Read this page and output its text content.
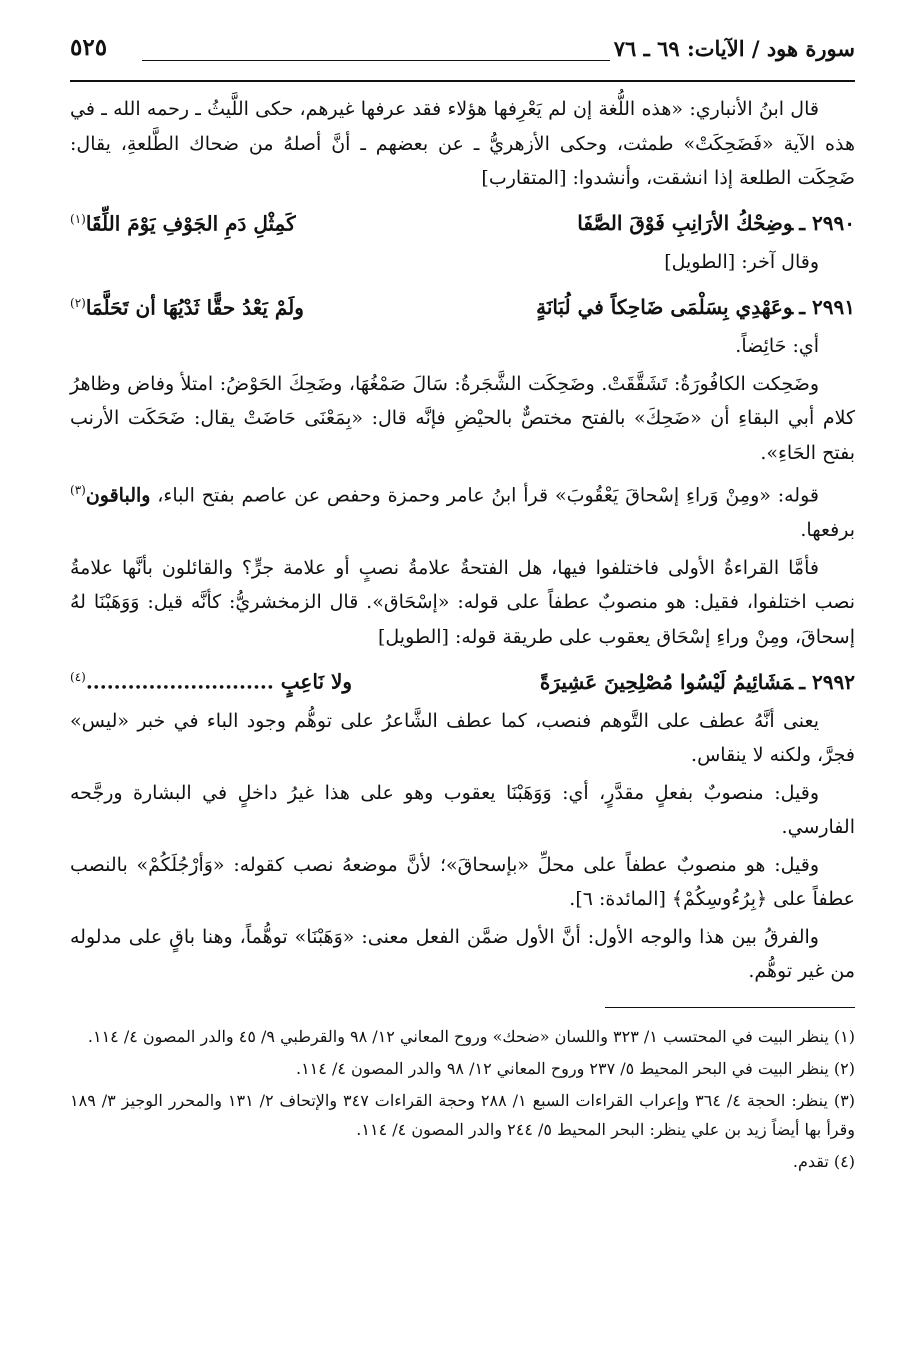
سورة هود / الآيات: ٦٩ ـ ٧٦
٥٢٥

قال ابنُ الأنباري: «هذه اللُّغة إن لم يَعْرِفها هؤلاء فقد عرفها غيرهم، حكى اللَّيثُ ـ رحمه الله ـ في هذه الآية «فَضَحِكَتْ» طمثت، وحكى الأزهريُّ ـ عن بعضهم ـ أنَّ أصلهُ من ضحاك الطَّلعةِ، يقال: ضَحِكَت الطلعة إذا انشقت، وأنشدوا: [المتقارب]

٢٩٩٠ ـوضِحْكُ الأرَانِبِ فَوْقَ الصَّفَا
كَمِثْلِ دَمِ الجَوْفِ يَوْمَ اللِّقَا$^{(١)}$

وقال آخر: [الطويل]

٢٩٩١ ـوعَهْدِي بِسَلْمَى ضَاحِكاً في لُبَانَةٍ
ولَمْ يَعْدُ حقًّا ثَدْيُهَا أن تَحَلَّمَا$^{(٢)}$

أي: حَائِضاً.

وضَحِكت الكافُورَةُ: تَشَقَّقَتْ. وضَحِكَت الشَّجَرةُ: سَالَ صَمْغُهَا، وضَحِكَ الحَوْضُ: امتلأ وفاض وظاهرُ كلام أبي البقاءِ أن «ضَحِكَ» بالفتح مختصٌّ بالحيْضِ فإنَّه قال: «بِمَعْنَى حَاضَتْ يقال: ضَحَكَت الأرنب بفتح الحَاءِ».

قوله: «ومِنْ وَراءِ إسْحاقَ يَعْقُوبَ» قرأ ابنُ عامر وحمزة وحفص عن عاصم بفتح الباء، والباقون$^{(٣)}$ برفعها.

فأمَّا القراءةُ الأولى فاختلفوا فيها، هل الفتحةُ علامةُ نصبٍ أو علامة جرٍّ؟ والقائلون بأنَّها علامةُ نصب اختلفوا، فقيل: هو منصوبٌ عطفاً على قوله: «إسْحَاق». قال الزمخشريُّ: كأنَّه قيل: وَوَهَبْنَا لهُ إسحاقَ، ومِنْ وراءِ إسْحَاق يعقوب على طريقة قوله: [الطويل]

٢٩٩٢ ـمَشَائِيمُ لَيْسُوا مُصْلِحِينَ عَشِيرَةً
ولا نَاعِبٍ ...........................$^{(٤)}$

يعنى أنَّهُ عطف على التَّوهم فنصب، كما عطف الشَّاعرُ على توهُّم وجود الباء في خبر «ليس» فجرَّ، ولكنه لا ينقاس.

وقيل: منصوبٌ بفعلٍ مقدَّرٍ، أي: وَوَهَبْنَا يعقوب وهو على هذا غيرُ داخلٍ في البشارة ورجَّحه الفارسي.

وقيل: هو منصوبٌ عطفاً على محلِّ «بإسحاقَ»؛ لأنَّ موضعهُ نصب كقوله: «وَأرْجُلَكُمْ» بالنصب عطفاً على ﴿بِرُءُوسِكُمْ﴾ [المائدة: ٦].

والفرقُ بين هذا والوجه الأول: أنَّ الأول ضمَّن الفعل معنى: «وَهَبْنَا» توهُّماً، وهنا باقٍ على مدلوله من غير توهُّم.

(١) ينظر البيت في المحتسب ١/ ٣٢٣ واللسان «ضحك» وروح المعاني ١٢/ ٩٨ والقرطبي ٩/ ٤٥ والدر المصون ٤/ ١١٤.

(٢) ينظر البيت في البحر المحيط ٥/ ٢٣٧ وروح المعاني ١٢/ ٩٨ والدر المصون ٤/ ١١٤.

(٣) ينظر: الحجة ٤/ ٣٦٤ وإعراب القراءات السبع ١/ ٢٨٨ وحجة القراءات ٣٤٧ والإتحاف ٢/ ١٣١ والمحرر الوجيز ٣/ ١٨٩ وقرأ بها أيضاً زيد بن علي ينظر: البحر المحيط ٥/ ٢٤٤ والدر المصون ٤/ ١١٤.

(٤) تقدم.
